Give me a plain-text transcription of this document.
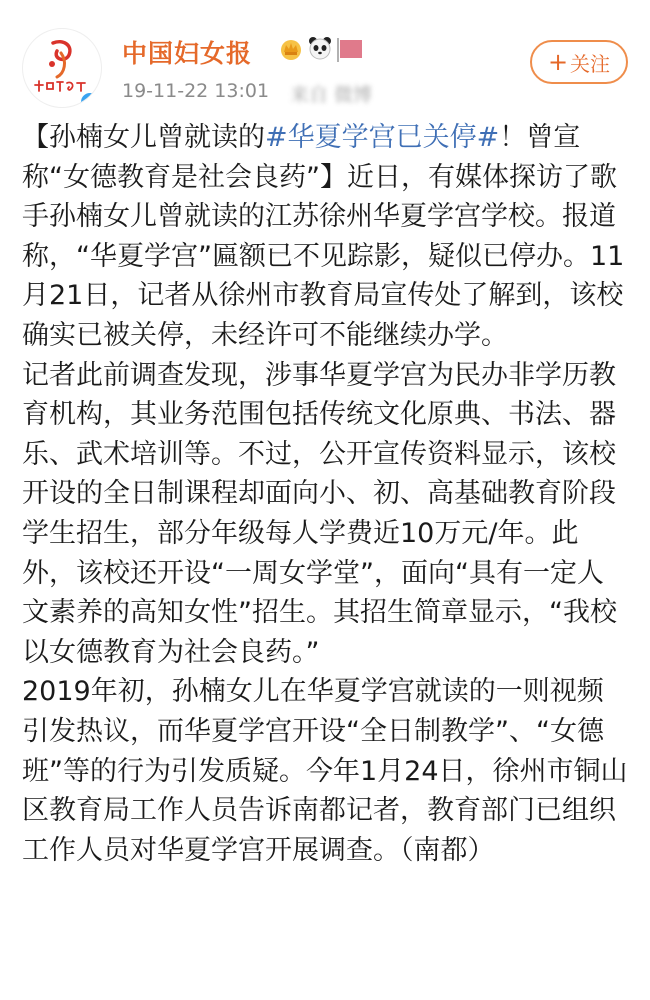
中国妇女报
19-11-22 13:01 来自 微博
+ 关注

【孙楠女儿曾就读的#华夏学宫已关停#！曾宣称“女德教育是社会良药”】近日，有媒体探访了歌手孙楠女儿曾就读的江苏徐州华夏学宫学校。报道称，“华夏学宫”匾额已不见踪影，疑似已停办。11月21日，记者从徐州市教育局宣传处了解到，该校确实已被关停，未经许可不能继续办学。

记者此前调查发现，涉事华夏学宫为民办非学历教育机构，其业务范围包括传统文化原典、书法、器乐、武术培训等。不过，公开宣传资料显示，该校开设的全日制课程却面向小、初、高基础教育阶段学生招生，部分年级每人学费近10万元/年。此外，该校还开设“一周女学堂”，面向“具有一定人文素养的高知女性”招生。其招生简章显示，“我校以女德教育为社会良药。”

2019年初，孙楠女儿在华夏学宫就读的一则视频引发热议，而华夏学宫开设“全日制教学”、“女德班”等的行为引发质疑。今年1月24日，徐州市铜山区教育局工作人员告诉南都记者，教育部门已组织工作人员对华夏学宫开展调查。（南都）
